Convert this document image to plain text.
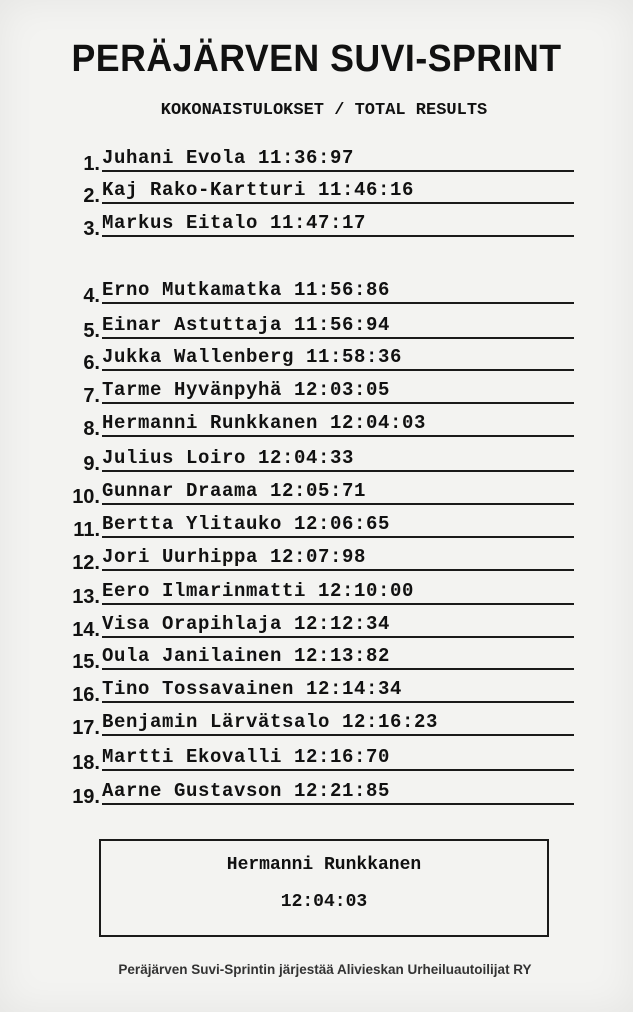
PERÄJÄRVEN SUVI-SPRINT
KOKONAISTULOKSET / TOTAL RESULTS
1. Juhani Evola 11:36:97
2. Kaj Rako-Kartturi 11:46:16
3. Markus Eitalo 11:47:17
4. Erno Mutkamatka 11:56:86
5. Einar Astuttaja 11:56:94
6. Jukka Wallenberg 11:58:36
7. Tarme Hyvänpyhä 12:03:05
8. Hermanni Runkkanen 12:04:03
9. Julius Loiro 12:04:33
10. Gunnar Draama 12:05:71
11. Bertta Ylitauko 12:06:65
12. Jori Uurhippa 12:07:98
13. Eero Ilmarinmatti 12:10:00
14. Visa Orapihlaja 12:12:34
15. Oula Janilainen 12:13:82
16. Tino Tossavainen 12:14:34
17. Benjamin Lärvätsalo 12:16:23
18. Martti Ekovalli 12:16:70
19. Aarne Gustavson 12:21:85
Hermanni Runkkanen
12:04:03
Peräjärven Suvi-Sprintin järjestää Alivieskan Urheiluautoilijat RY
